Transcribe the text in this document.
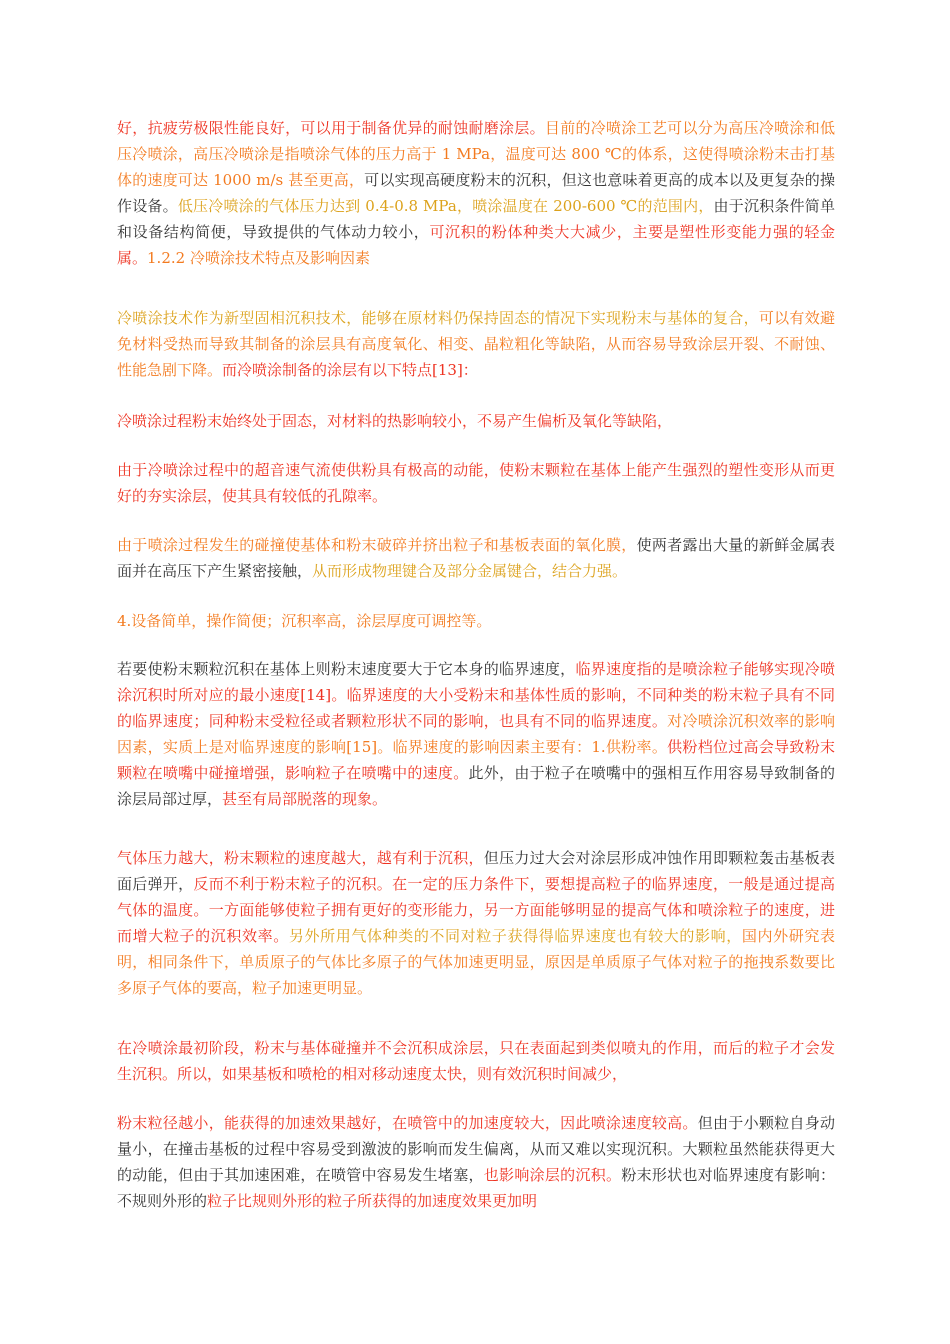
好，抗疲劳极限性能良好，可以用于制备优异的耐蚀耐磨涂层。目前的冷喷涂工艺可以分为高压冷喷涂和低压冷喷涂，高压冷喷涂是指喷涂气体的压力高于 1 MPa，温度可达 800 ℃的体系，这使得喷涂粉末击打基体的速度可达 1000 m/s 甚至更高，可以实现高硬度粉末的沉积，但这也意味着更高的成本以及更复杂的操作设备。低压冷喷涂的气体压力达到 0.4-0.8 MPa，喷涂温度在 200-600 ℃的范围内，由于沉积条件简单和设备结构简便，导致提供的气体动力较小，可沉积的粉体种类大大减少，主要是塑性形变能力强的轻金属。1.2.2 冷喷涂技术特点及影响因素

冷喷涂技术作为新型固相沉积技术，能够在原材料仍保持固态的情况下实现粉末与基体的复合，可以有效避免材料受热而导致其制备的涂层具有高度氧化、相变、晶粒粗化等缺陷，从而容易导致涂层开裂、不耐蚀、性能急剧下降。而冷喷涂制备的涂层有以下特点[13]：

冷喷涂过程粉末始终处于固态，对材料的热影响较小，不易产生偏析及氧化等缺陷，

由于冷喷涂过程中的超音速气流使供粉具有极高的动能，使粉末颗粒在基体上能产生强烈的塑性变形从而更好的夯实涂层，使其具有较低的孔隙率。

由于喷涂过程发生的碰撞使基体和粉末破碎并挤出粒子和基板表面的氧化膜，使两者露出大量的新鲜金属表面并在高压下产生紧密接触，从而形成物理键合及部分金属键合，结合力强。

4.设备简单，操作简便；沉积率高，涂层厚度可调控等。

若要使粉末颗粒沉积在基体上则粉末速度要大于它本身的临界速度，临界速度指的是喷涂粒子能够实现冷喷涂沉积时所对应的最小速度[14]。临界速度的大小受粉末和基体性质的影响，不同种类的粉末粒子具有不同的临界速度；同种粉末受粒径或者颗粒形状不同的影响，也具有不同的临界速度。对冷喷涂沉积效率的影响因素，实质上是对临界速度的影响[15]。临界速度的影响因素主要有：1.供粉率。供粉档位过高会导致粉末颗粒在喷嘴中碰撞增强，影响粒子在喷嘴中的速度。此外，由于粒子在喷嘴中的强相互作用容易导致制备的涂层局部过厚，甚至有局部脱落的现象。

气体压力越大，粉末颗粒的速度越大，越有利于沉积，但压力过大会对涂层形成冲蚀作用即颗粒轰击基板表面后弹开，反而不利于粉末粒子的沉积。在一定的压力条件下，要想提高粒子的临界速度，一般是通过提高气体的温度。一方面能够使粒子拥有更好的变形能力，另一方面能够明显的提高气体和喷涂粒子的速度，进而增大粒子的沉积效率。另外所用气体种类的不同对粒子获得得临界速度也有较大的影响，国内外研究表明，相同条件下，单质原子的气体比多原子的气体加速更明显，原因是单质原子气体对粒子的拖拽系数要比多原子气体的要高，粒子加速更明显。

在冷喷涂最初阶段，粉末与基体碰撞并不会沉积成涂层，只在表面起到类似喷丸的作用，而后的粒子才会发生沉积。所以，如果基板和喷枪的相对移动速度太快，则有效沉积时间减少，

粉末粒径越小，能获得的加速效果越好，在喷管中的加速度较大，因此喷涂速度较高。但由于小颗粒自身动量小，在撞击基板的过程中容易受到激波的影响而发生偏离，从而又难以实现沉积。大颗粒虽然能获得更大的动能，但由于其加速困难，在喷管中容易发生堵塞，也影响涂层的沉积。粉末形状也对临界速度有影响：不规则外形的粒子比规则外形的粒子所获得的加速度效果更加明
